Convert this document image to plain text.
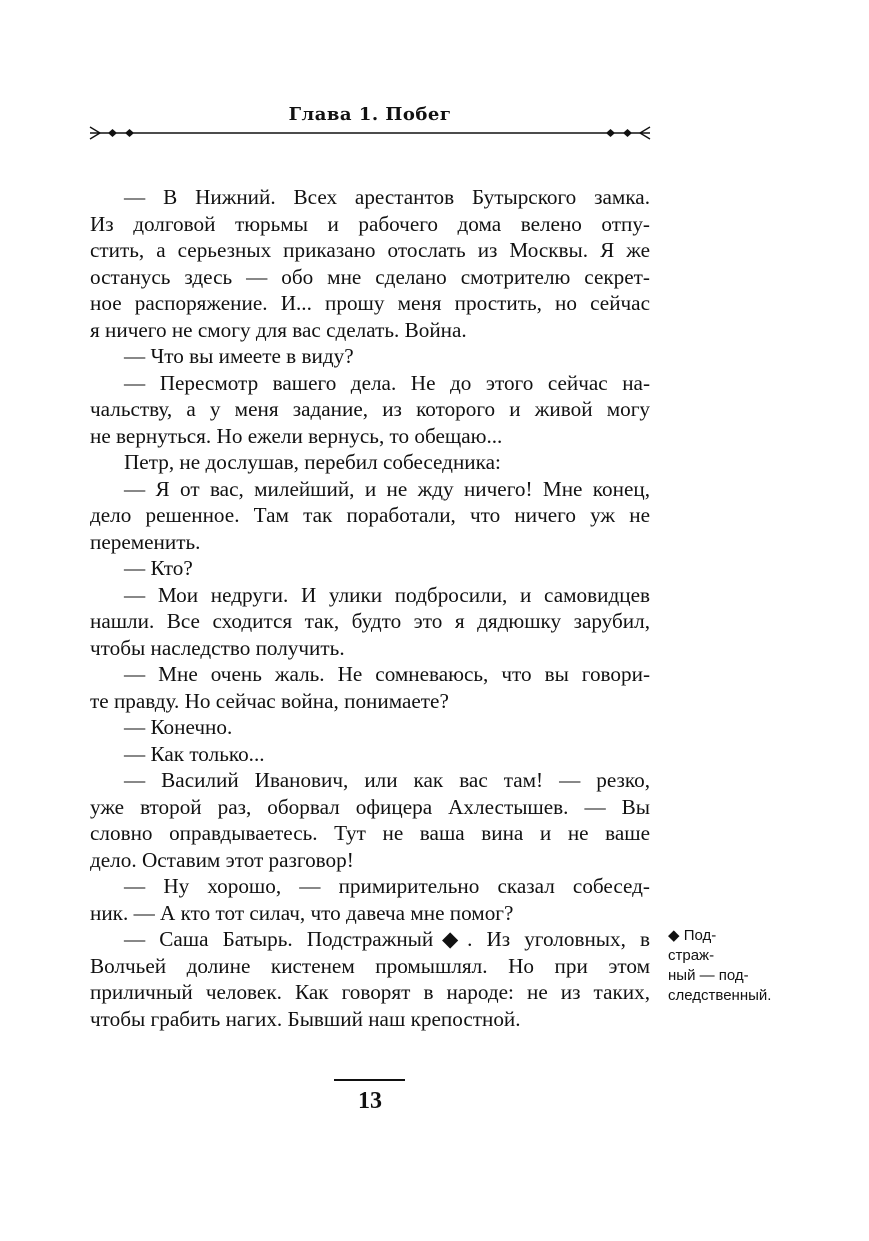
Глава 1. Побег
— В Нижний. Всех арестантов Бутырского замка.
Из долговой тюрьмы и рабочего дома велено отпу-
стить, а серьезных приказано отослать из Москвы. Я же
останусь здесь — обо мне сделано смотрителю секрет-
ное распоряжение. И... прошу меня простить, но сейчас
я ничего не смогу для вас сделать. Война.
— Что вы имеете в виду?
— Пересмотр вашего дела. Не до этого сейчас на-
чальству, а у меня задание, из которого и живой могу
не вернуться. Но ежели вернусь, то обещаю...
Петр, не дослушав, перебил собеседника:
— Я от вас, милейший, и не жду ничего! Мне конец,
дело решенное. Там так поработали, что ничего уж не
переменить.
— Кто?
— Мои недруги. И улики подбросили, и самовидцев
нашли. Все сходится так, будто это я дядюшку зарубил,
чтобы наследство получить.
— Мне очень жаль. Не сомневаюсь, что вы говори-
те правду. Но сейчас война, понимаете?
— Конечно.
— Как только...
— Василий Иванович, или как вас там! — резко,
уже второй раз, оборвал офицера Ахлестышев. — Вы
словно оправдываетесь. Тут не ваша вина и не ваше
дело. Оставим этот разговор!
— Ну хорошо, — примирительно сказал собесед-
ник. — А кто тот силач, что давеча мне помог?
— Саша Батырь. Подстражный◆. Из уголовных, в
Волчьей долине кистенем промышлял. Но при этом
приличный человек. Как говорят в народе: не из таких,
чтобы грабить нагих. Бывший наш крепостной.
◆ Под-
страж-
ный — под-
следственный.
13
